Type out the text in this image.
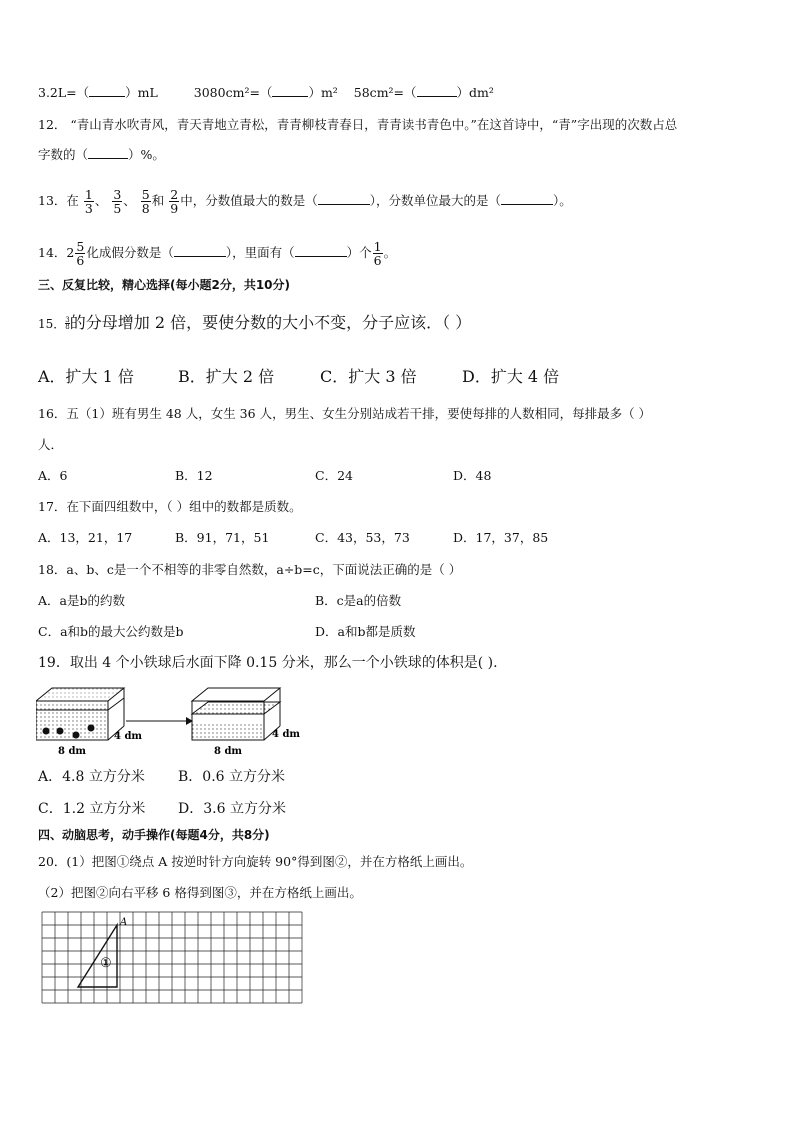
3.2L=（	）mL	3080cm²=（	）m² 58cm²=（	）dm²
12． “青山青水吹青风，青天青地立青松，青青柳枝青春日，青青读书青色中。”在这首诗中，“青”字出现的次数占总
字数的（	）%。
13．在 $\frac{1}{3}$ 、 $\frac{3}{5}$ 、 $\frac{5}{8}$ 和 $\frac{2}{9}$ 中，分数值最大的数是（	），分数单位最大的是（	）。
14．$2 \frac{5}{6}$ 化成假分数是（	），里面有（	）个 $\frac{1}{6}$ 。
三、反复比较，精心选择(每小题2分，共10分)
15． $\frac{3}{8}$的分母增加 2 倍，要使分数的大小不变，分子应该．（ ）
A．扩大 1 倍	B．扩大 2 倍	C．扩大 3 倍	D．扩大 4 倍
16．五（1）班有男生 48 人，女生 36 人，男生、女生分别站成若干排，要使每排的人数相同，每排最多（ ）
人．
A．6	B．12	C．24	D．48
17．在下面四组数中，（ ）组中的数都是质数。
A．13，21，17	B．91，71，51	C．43，53，73	D．17，37，85
18．a、b、c是一个不相等的非零自然数，a÷b=c，下面说法正确的是（ ）
A．a是b的约数	B．c是a的倍数
C．a和b的最大公约数是b	D．a和b都是质数
19．取出 4 个小铁球后水面下降 0.15 分米，那么一个小铁球的体积是( ).
8 dm
4 dm
8 dm
4 dm
A．4.8 立方分米 B．0.6 立方分米
C．1.2 立方分米 D．3.6 立方分米
四、动脑思考，动手操作(每题4分，共8分)
20．(1）把图①绕点 A 按逆时针方向旋转 90°得到图②，并在方格纸上画出。
（2）把图②向右平移 6 格得到图③，并在方格纸上画出。
A
①
